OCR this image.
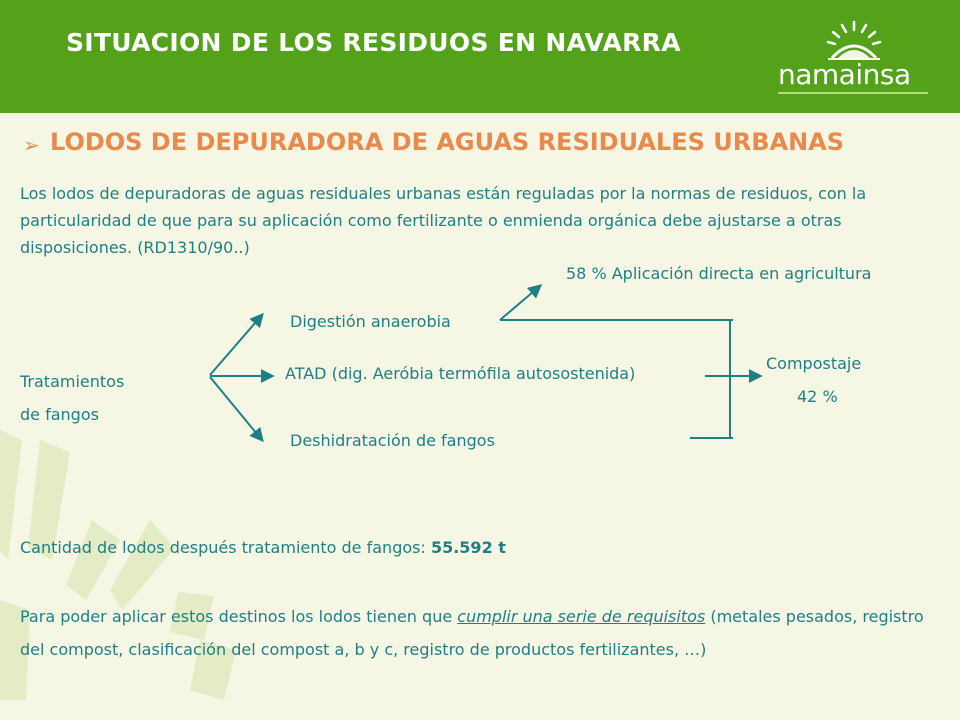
SITUACION DE LOS RESIDUOS EN NAVARRA
namainsa
➢ LODOS DE DEPURADORA DE AGUAS RESIDUALES URBANAS
Los lodos de depuradoras de aguas residuales urbanas están reguladas por la normas de residuos, con la particularidad de que para su aplicación como fertilizante o enmienda orgánica debe ajustarse a otras disposiciones. (RD1310/90..)
58 % Aplicación directa en agricultura
Digestión anaerobia
ATAD (dig. Aeróbia termófila autosostenida)
Deshidratación de fangos
Tratamientos
de fangos
Compostaje
42 %
Cantidad de lodos después tratamiento de fangos: 55.592 t
Para poder aplicar estos destinos los lodos tienen que cumplir una serie de requisitos (metales pesados, registro del compost, clasificación del compost a, b y c, registro de productos fertilizantes, …)
